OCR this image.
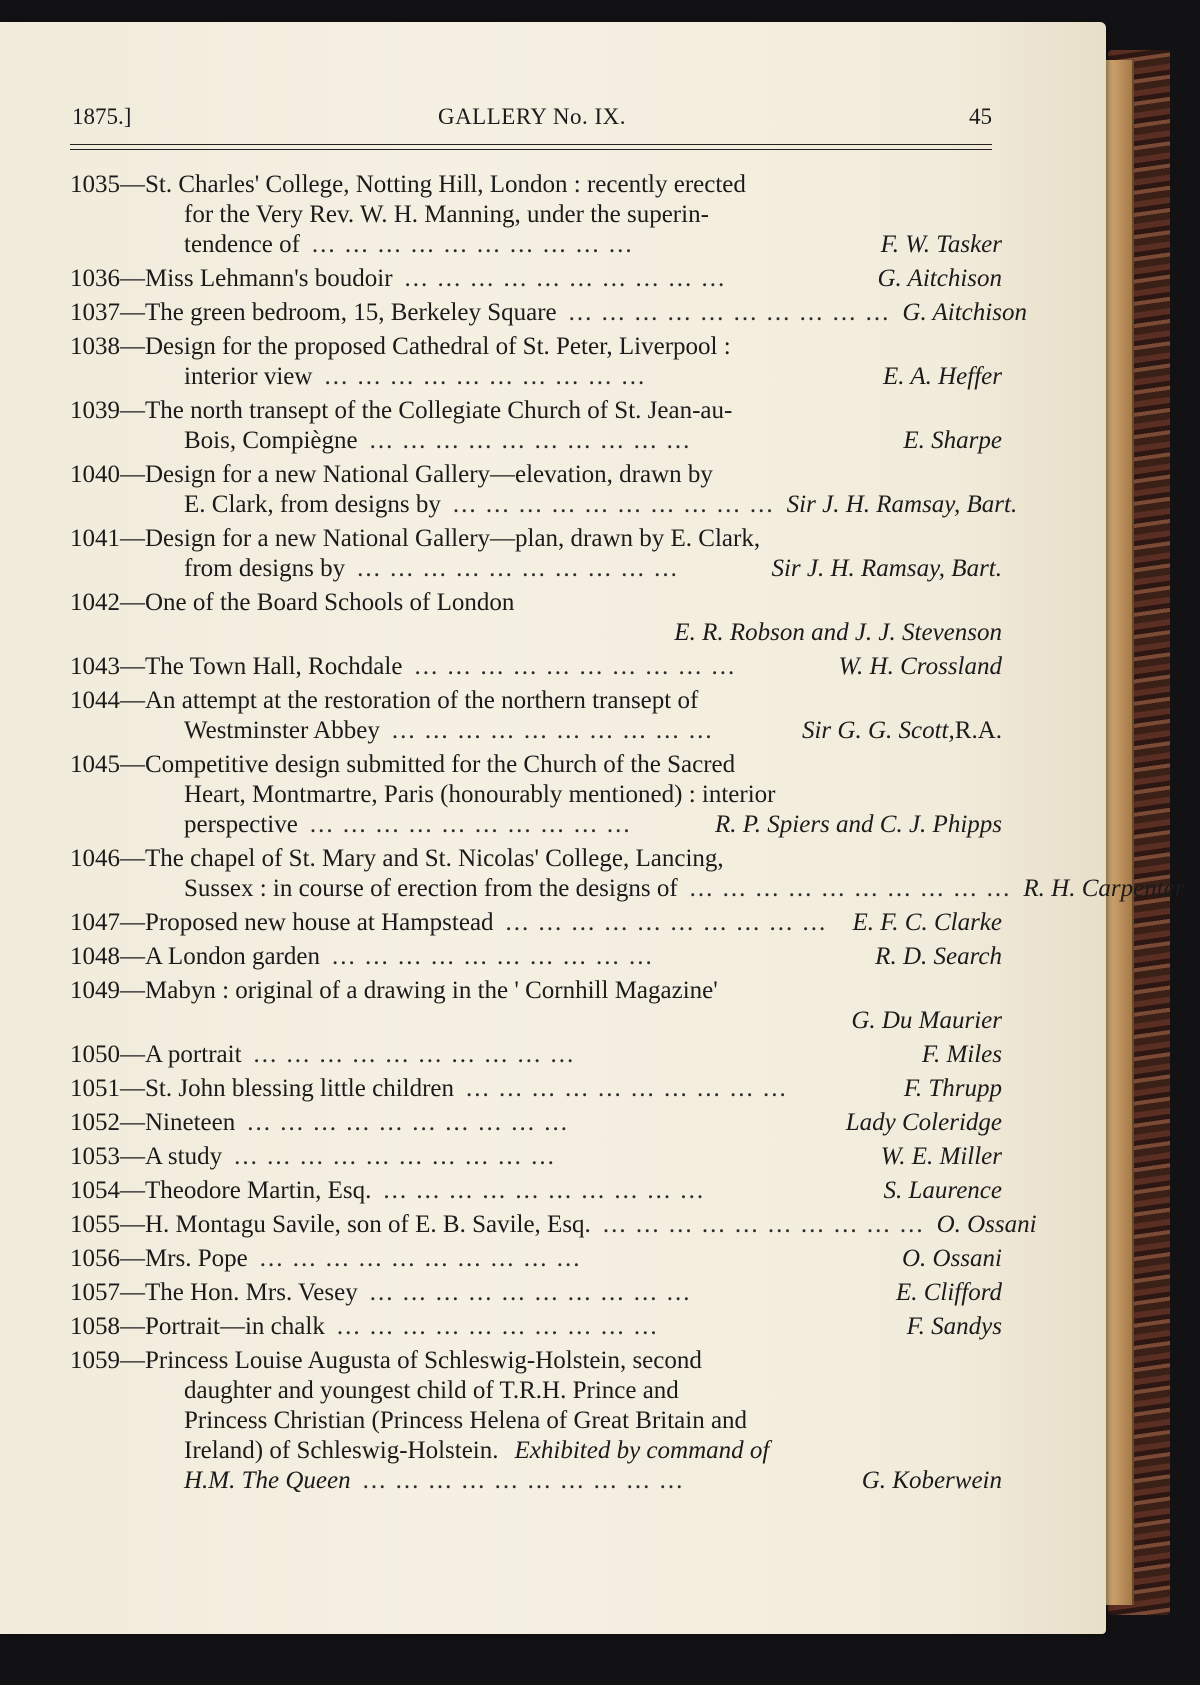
1875.]	GALLERY No. IX.	45
1035— St. Charles' College, Notting Hill, London : recently erected
for the Very Rev. W. H. Manning, under the superin-
tendence of ... ... ... ... ... ... ... ... ... ...	F. W. Tasker
1036— Miss Lehmann's boudoir ... ... ... ... ... ... ... ... ... ...	G. Aitchison
1037— The green bedroom, 15, Berkeley Square ... ... ... ... ... ... ... ... ... ... G. Aitchison
1038— Design for the proposed Cathedral of St. Peter, Liverpool :
interior view ... ... ... ... ... ... ... ... ... ...	E. A. Heffer
1039— The north transept of the Collegiate Church of St. Jean-au-
Bois, Compiègne ... ... ... ... ... ... ... ... ... ...	E. Sharpe
1040— Design for a new National Gallery—elevation, drawn by
E. Clark, from designs by ... ... ... ... ... ... ... ... ... ... Sir J. H. Ramsay, Bart.
1041— Design for a new National Gallery—plan, drawn by E. Clark,
from designs by ... ... ... ... ... ... ... ... ... ...	Sir J. H. Ramsay, Bart.
1042— One of the Board Schools of London
E. R. Robson and J. J. Stevenson
1043— The Town Hall, Rochdale ... ... ... ... ... ... ... ... ... ...	W. H. Crossland
1044— An attempt at the restoration of the northern transept of
Westminster Abbey ... ... ... ... ... ... ... ... ... ...	Sir G. G. Scott, R.A.
1045— Competitive design submitted for the Church of the Sacred
Heart, Montmartre, Paris (honourably mentioned) : interior
perspective ... ... ... ... ... ... ... ... ... ...	R. P. Spiers and C. J. Phipps
1046— The chapel of St. Mary and St. Nicolas' College, Lancing,
Sussex : in course of erection from the designs of ... ... ... ... ... ... ... ... ... ... R. H. Carpenter
1047— Proposed new house at Hampstead ... ... ... ... ... ... ... ... ... ...	E. F. C. Clarke
1048— A London garden ... ... ... ... ... ... ... ... ... ...	R. D. Search
1049— Mabyn : original of a drawing in the ' Cornhill Magazine'
G. Du Maurier
1050— A portrait ... ... ... ... ... ... ... ... ... ...	F. Miles
1051— St. John blessing little children ... ... ... ... ... ... ... ... ... ...	F. Thrupp
1052— Nineteen ... ... ... ... ... ... ... ... ... ...	Lady Coleridge
1053— A study ... ... ... ... ... ... ... ... ... ...	W. E. Miller
1054— Theodore Martin, Esq. ... ... ... ... ... ... ... ... ... ...	S. Laurence
1055— H. Montagu Savile, son of E. B. Savile, Esq. ... ... ... ... ... ... ... ... ... ... O. Ossani
1056— Mrs. Pope ... ... ... ... ... ... ... ... ... ...	O. Ossani
1057— The Hon. Mrs. Vesey ... ... ... ... ... ... ... ... ... ...	E. Clifford
1058— Portrait—in chalk ... ... ... ... ... ... ... ... ... ...	F. Sandys
1059— Princess Louise Augusta of Schleswig-Holstein, second
daughter and youngest child of T.R.H. Prince and
Princess Christian (Princess Helena of Great Britain and
Ireland) of Schleswig-Holstein. Exhibited by command of
H.M. The Queen ... ... ... ... ... ... ... ... ... ...	G. Koberwein
